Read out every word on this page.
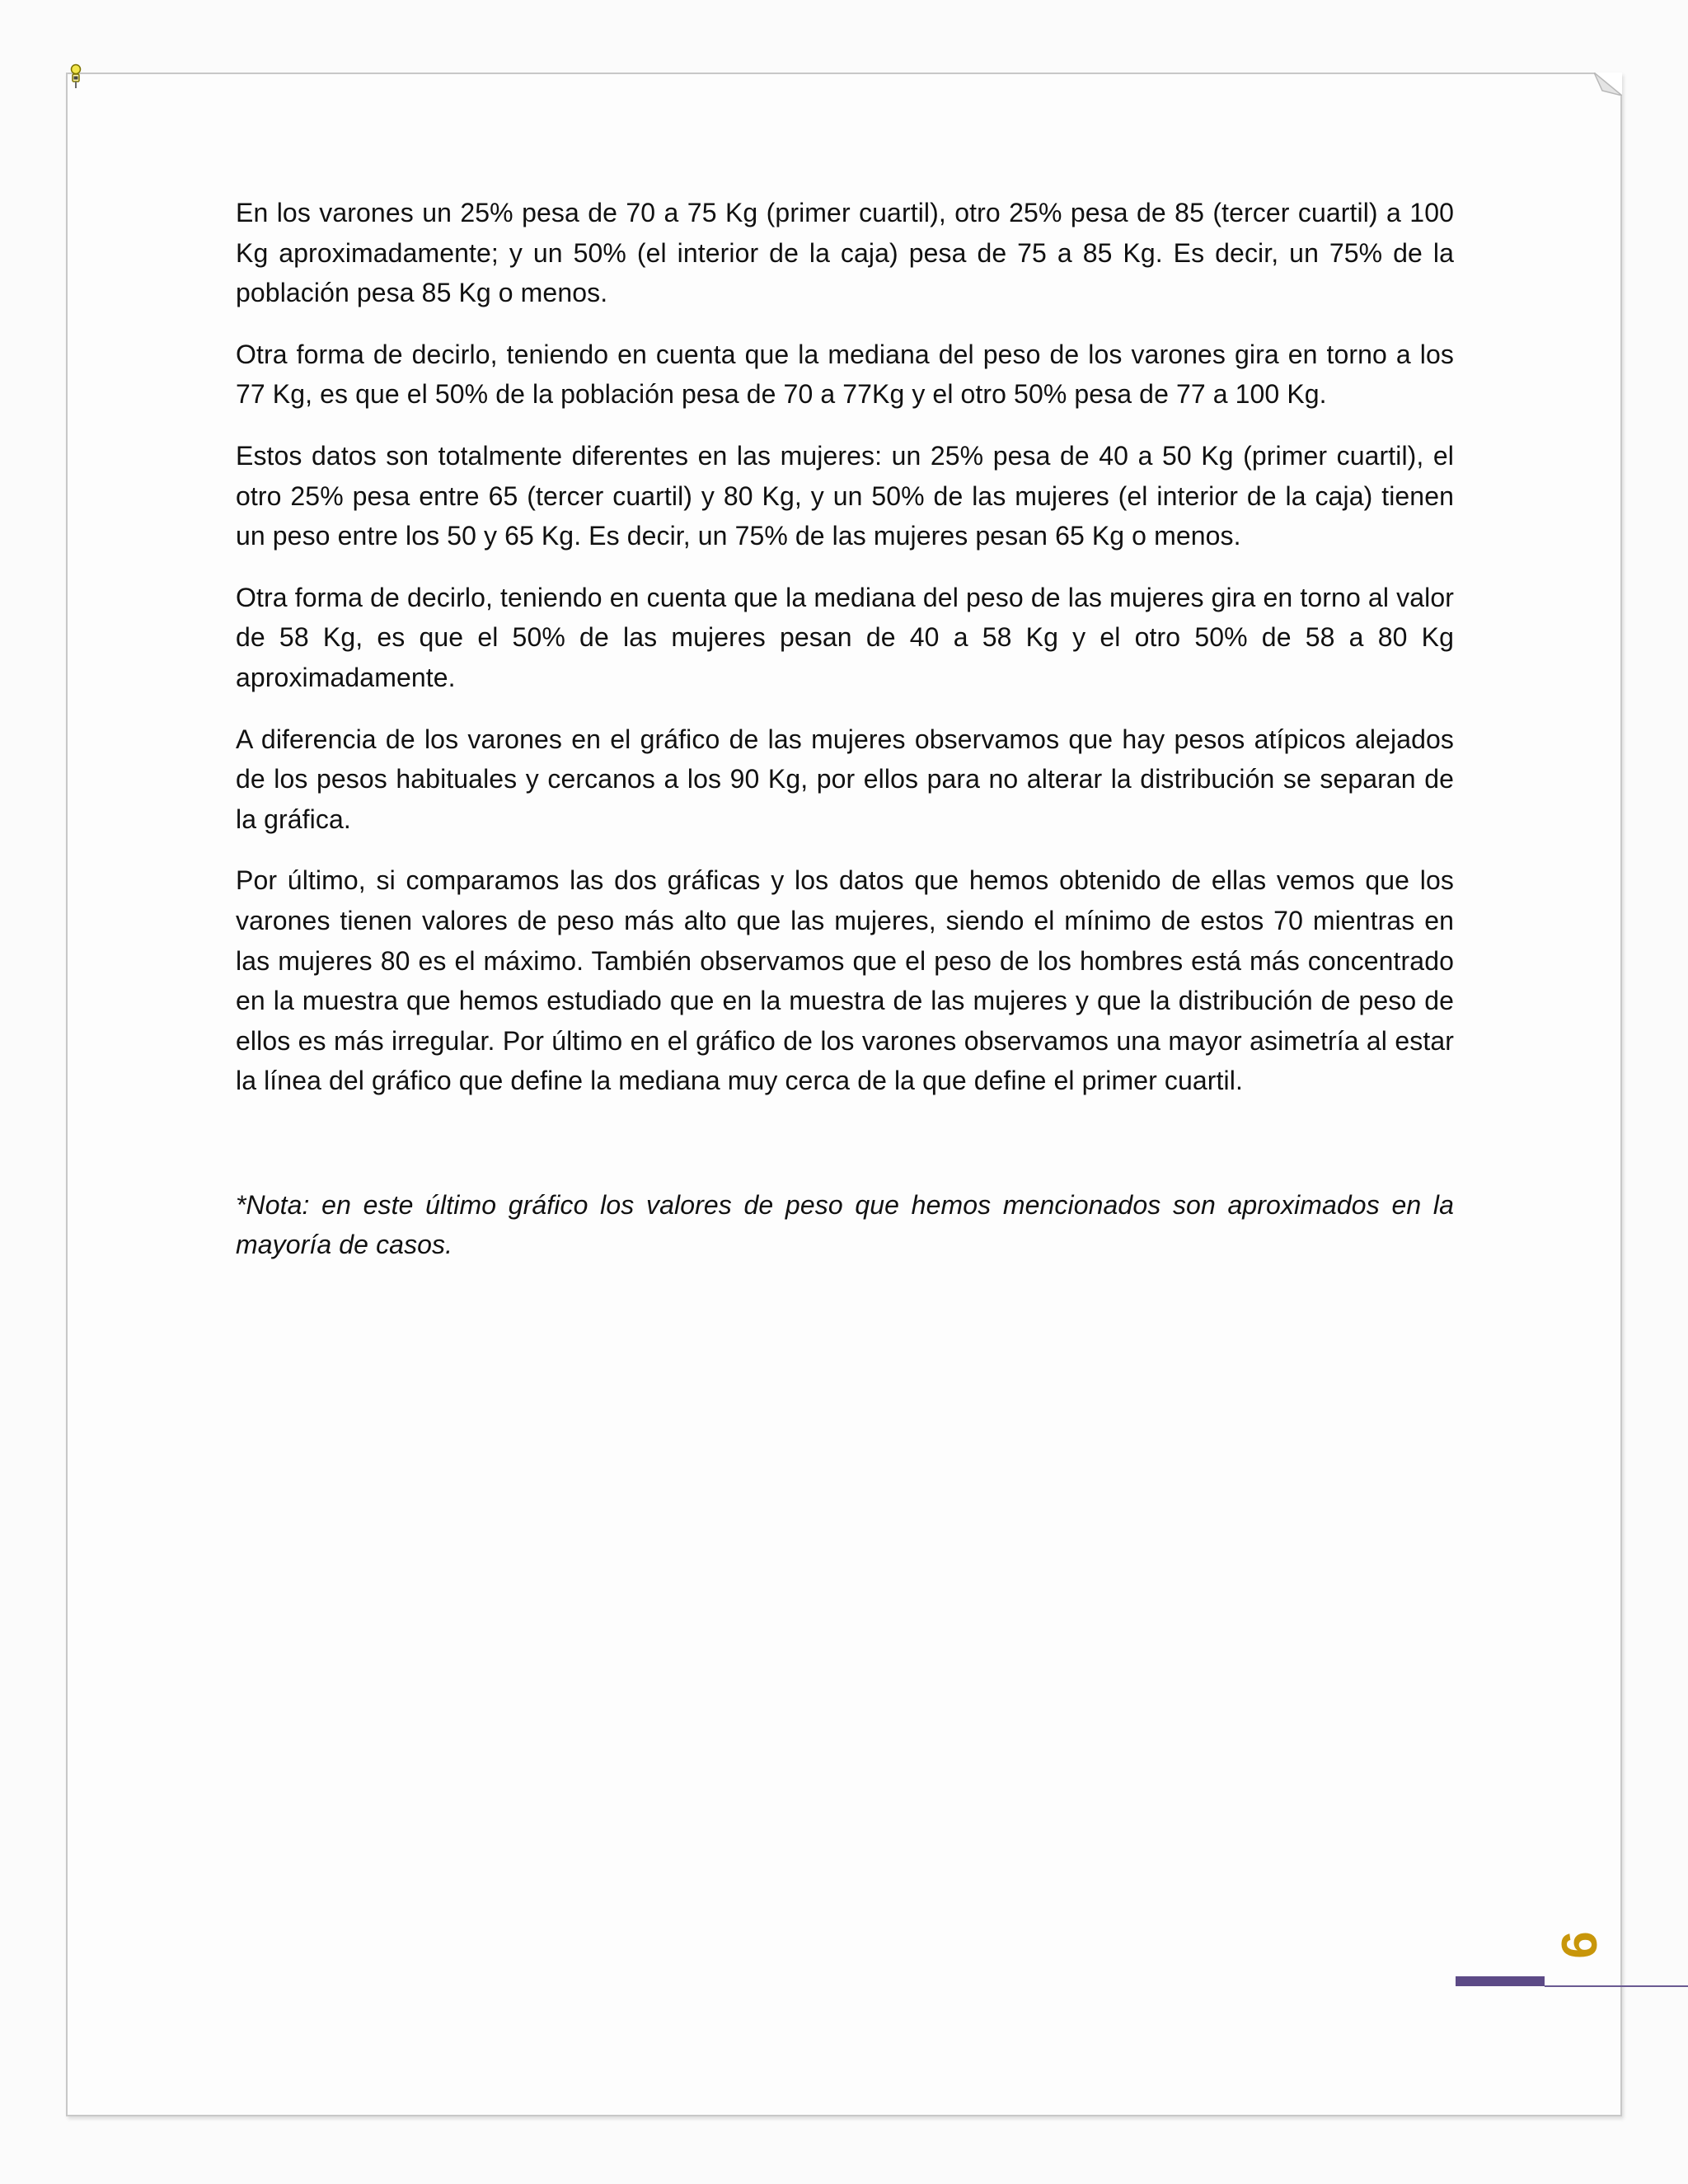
En los varones un 25% pesa de 70 a 75 Kg (primer cuartil), otro 25% pesa de 85 (tercer cuartil) a 100 Kg aproximadamente; y un 50% (el interior de la caja) pesa de 75 a 85 Kg. Es decir, un 75% de la población pesa 85 Kg o menos.

Otra forma de decirlo, teniendo en cuenta que la mediana del peso de los varones gira en torno a los 77 Kg, es que el 50% de la población pesa de 70 a 77Kg y el otro 50% pesa de 77 a 100 Kg.

Estos datos son totalmente diferentes en las mujeres: un 25% pesa de 40 a 50 Kg (primer cuartil), el otro 25% pesa entre 65 (tercer cuartil) y 80 Kg, y un 50% de las mujeres (el interior de la caja) tienen un peso entre los 50 y 65 Kg. Es decir, un 75% de las mujeres pesan 65 Kg o menos.

Otra forma de decirlo, teniendo en cuenta que la mediana del peso de las mujeres gira en torno al valor de 58 Kg, es que el 50% de las mujeres pesan de 40 a 58 Kg y el otro 50% de 58 a 80 Kg aproximadamente.

A diferencia de los varones en el gráfico de las mujeres observamos que hay pesos atípicos alejados de los pesos habituales y cercanos a los 90 Kg, por ellos para no alterar la distribución se separan de la gráfica.

Por último, si comparamos las dos gráficas y los datos que hemos obtenido de ellas vemos que los varones tienen valores de peso más alto que las mujeres, siendo el mínimo de estos 70 mientras en las mujeres 80 es el máximo. También observamos que el peso de los hombres está más concentrado en la muestra que hemos estudiado que en la muestra de las mujeres y que la distribución de peso de ellos es más irregular. Por último en el gráfico de los varones observamos una mayor asimetría al estar la línea del gráfico que define la mediana muy cerca de la que define el primer cuartil.

*Nota: en este último gráfico los valores de peso que hemos mencionados son aproximados en la mayoría de casos.

9
